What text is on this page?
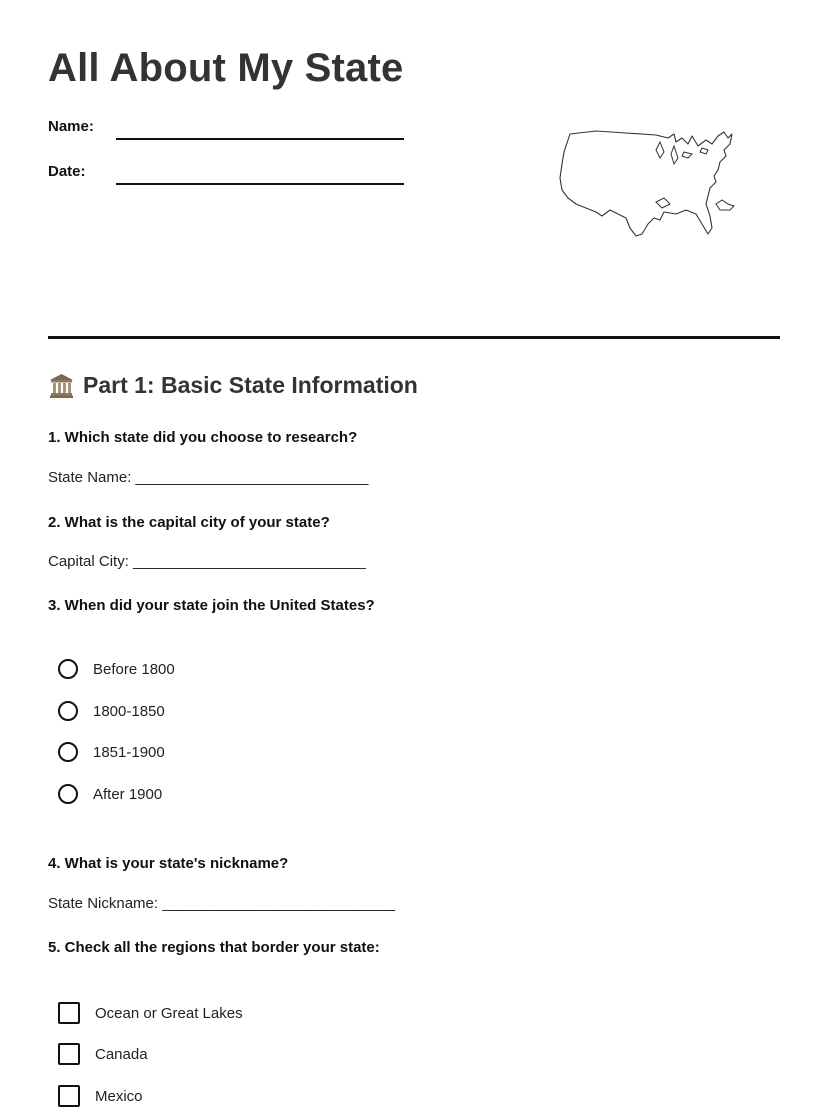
All About My State
Name:
Date:
Part 1: Basic State Information

1. Which state did you choose to research?

State Name: ______________________________

2. What is the capital city of your state?

Capital City: ______________________________

3. When did your state join the United States?

Before 1800
1800-1850
1851-1900
After 1900

4. What is your state's nickname?

State Nickname: ______________________________

5. Check all the regions that border your state:

Ocean or Great Lakes
Canada
Mexico
